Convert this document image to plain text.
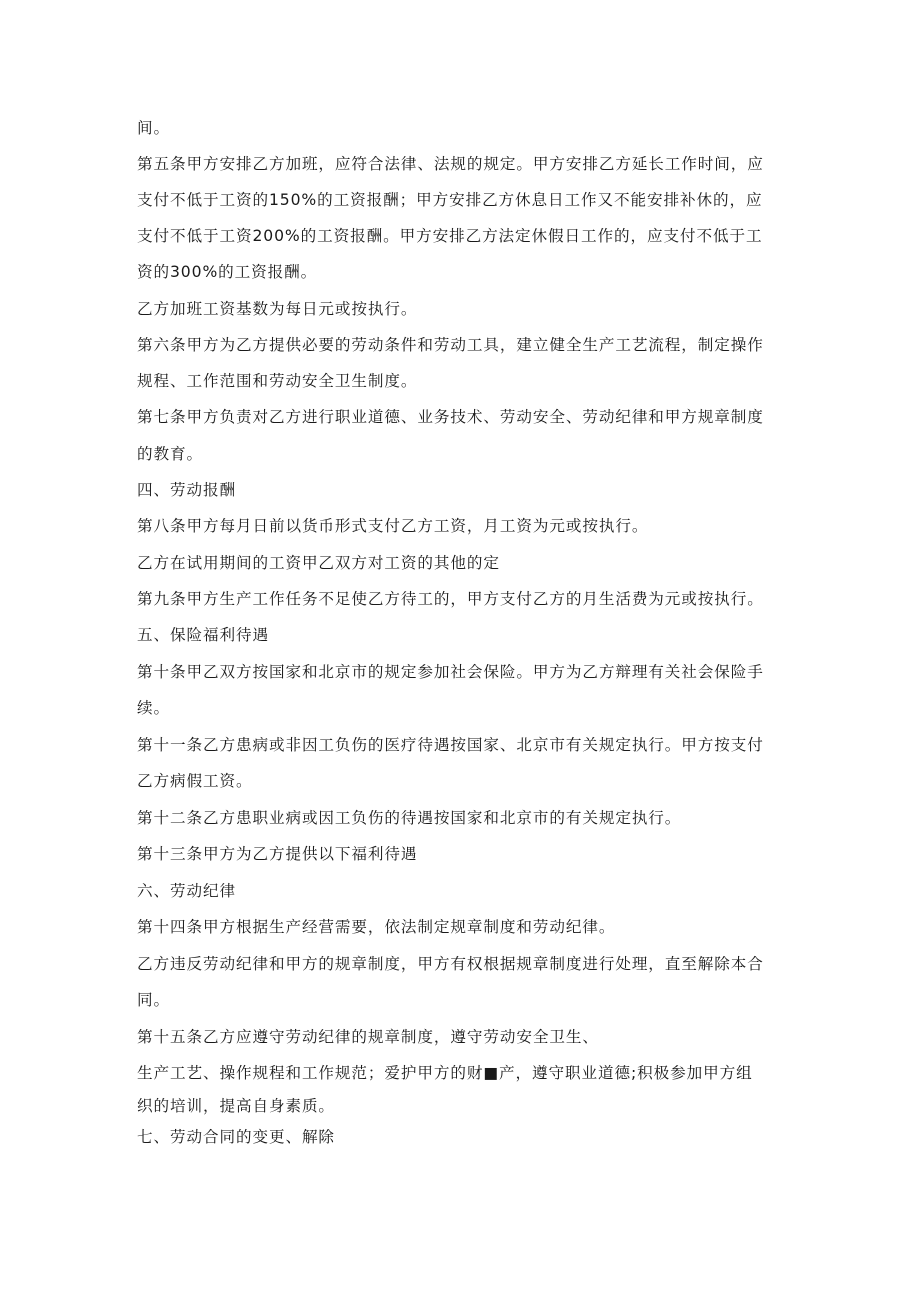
间。

第五条甲方安排乙方加班，应符合法律、法规的规定。甲方安排乙方延长工作时间，应

支付不低于工资的150%的工资报酬；甲方安排乙方休息日工作又不能安排补休的，应

支付不低于工资200%的工资报酬。甲方安排乙方法定休假日工作的，应支付不低于工

资的300%的工资报酬。

乙方加班工资基数为每日元或按执行。

第六条甲方为乙方提供必要的劳动条件和劳动工具，建立健全生产工艺流程，制定操作

规程、工作范围和劳动安全卫生制度。

第七条甲方负责对乙方进行职业道德、业务技术、劳动安全、劳动纪律和甲方规章制度

的教育。

四、劳动报酬

第八条甲方每月日前以货币形式支付乙方工资，月工资为元或按执行。

乙方在试用期间的工资甲乙双方对工资的其他的定

第九条甲方生产工作任务不足使乙方待工的，甲方支付乙方的月生活费为元或按执行。

五、保险福利待遇

第十条甲乙双方按国家和北京市的规定参加社会保险。甲方为乙方辩理有关社会保险手

续。

第十一条乙方患病或非因工负伤的医疗待遇按国家、北京市有关规定执行。甲方按支付

乙方病假工资。

第十二条乙方患职业病或因工负伤的待遇按国家和北京市的有关规定执行。

第十三条甲方为乙方提供以下福利待遇

六、劳动纪律

第十四条甲方根据生产经营需要，依法制定规章制度和劳动纪律。

乙方违反劳动纪律和甲方的规章制度，甲方有权根据规章制度进行处理，直至解除本合

同。

第十五条乙方应遵守劳动纪律的规章制度，遵守劳动安全卫生、

生产工艺、操作规程和工作规范；爱护甲方的财■产，遵守职业道德;积极参加甲方组

织的培训，提高自身素质。

七、劳动合同的变更、解除
